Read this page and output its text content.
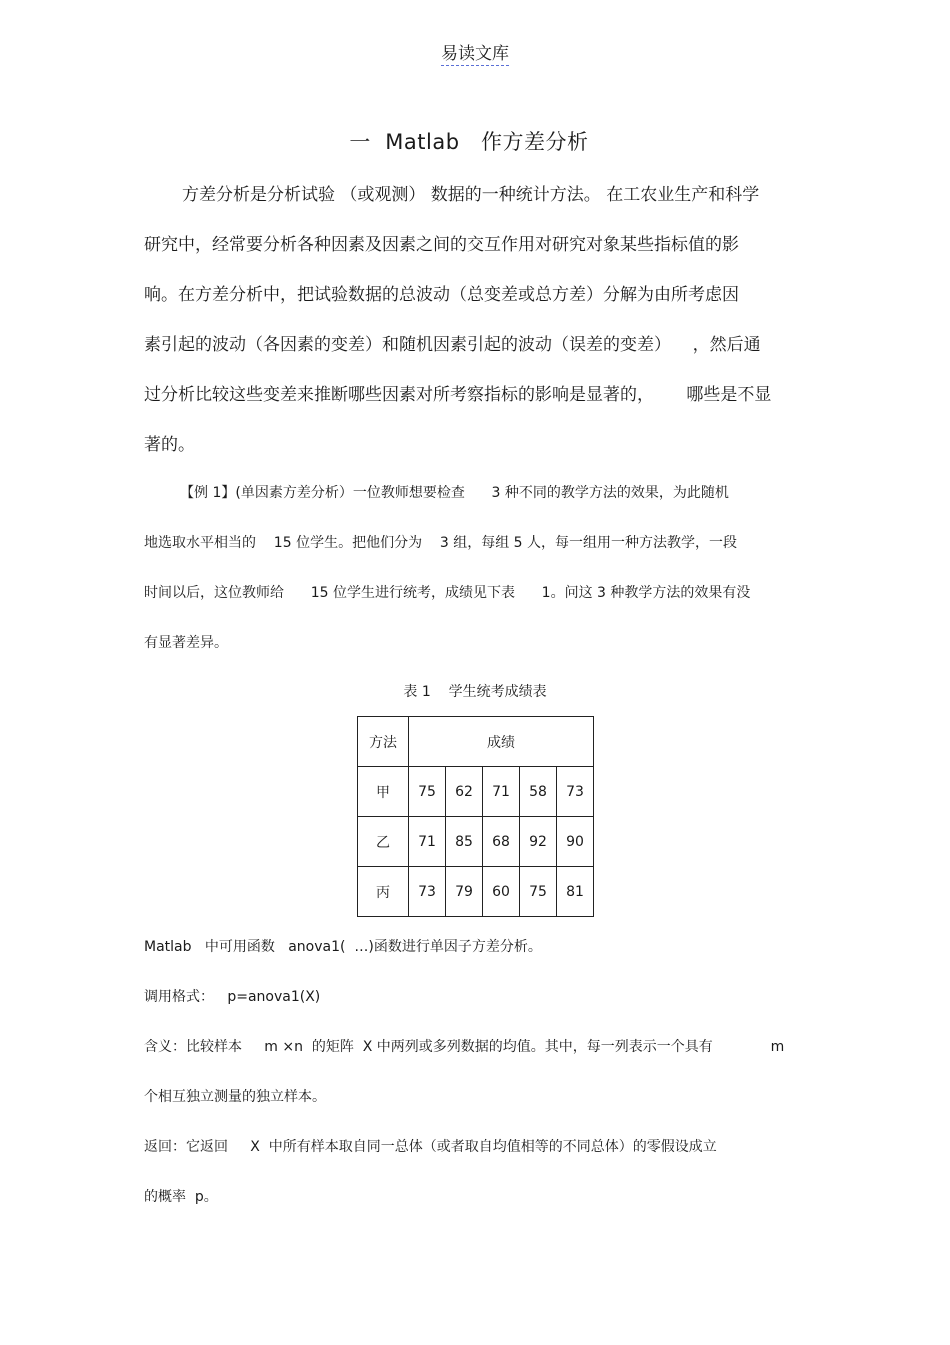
易读文库
一  Matlab   作方差分析
方差分析是分析试验 （或观测） 数据的一种统计方法。 在工农业生产和科学
研究中，经常要分析各种因素及因素之间的交互作用对研究对象某些指标值的影
响。在方差分析中，把试验数据的总波动（总变差或总方差）分解为由所考虑因
素引起的波动（各因素的变差）和随机因素引起的波动（误差的变差）    ，然后通
过分析比较这些变差来推断哪些因素对所考察指标的影响是显著的，      哪些是不显
著的。
【例 1】(单因素方差分析）一位教师想要检查      3 种不同的教学方法的效果，为此随机
地选取水平相当的    15 位学生。把他们分为    3 组，每组 5 人，每一组用一种方法教学，一段
时间以后，这位教师给      15 位学生进行统考，成绩见下表      1。问这 3 种教学方法的效果有没
有显著差异。
表 1    学生统考成绩表
方法	成绩				
甲	75	62	71	58	73
乙	71	85	68	92	90
丙	73	79	60	75	81
Matlab   中可用函数   anova1(  …)函数进行单因子方差分析。
调用格式：   p=anova1(X)
含义：比较样本     m ×n  的矩阵  X 中两列或多列数据的均值。其中，每一列表示一个具有             m
个相互独立测量的独立样本。
返回：它返回     X  中所有样本取自同一总体（或者取自均值相等的不同总体）的零假设成立
的概率  p。
